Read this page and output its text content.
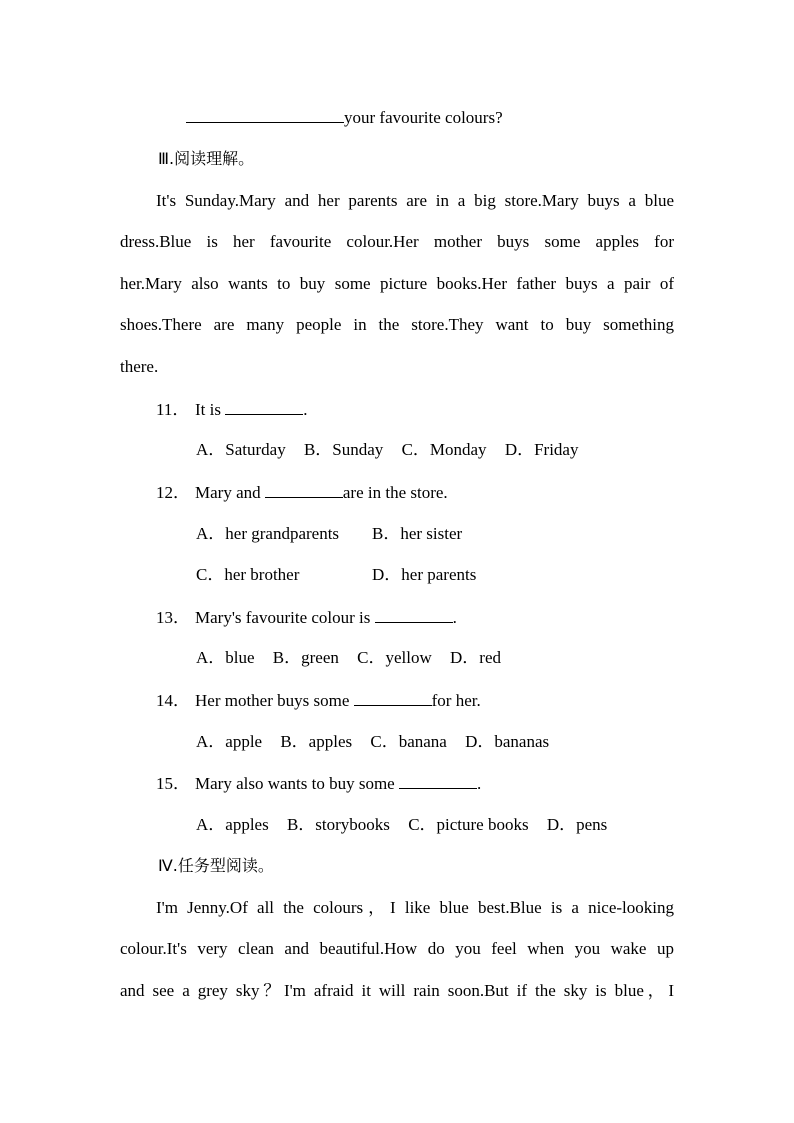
your favourite colours?
Ⅲ.阅读理解。
It's Sunday.Mary and her parents are in a big store.Mary buys a blue
dress.Blue is her favourite colour.Her mother buys some apples for
her.Mary also wants to buy some picture books.Her father buys a pair of
shoes.There are many people in the store.They want to buy something
there.
11． It is	.
A．Saturday B．Sunday C．Monday D．Friday
12． Mary and	are in the store.
A．her grandparents B．her sister
C．her brother	D．her parents
13． Mary's favourite colour is	.
A．blue B．green C．yellow D．red
14． Her mother buys some	for her.
A．apple B．apples C．banana D．bananas
15． Mary also wants to buy some	.
A．apples B．storybooks C．picture books D．pens
Ⅳ.任务型阅读。
I'm Jenny.Of all the colours，I like blue best.Blue is a nice-looking
colour.It's very clean and beautiful.How do you feel when you wake up
and see a grey sky？I'm afraid it will rain soon.But if the sky is blue，I
